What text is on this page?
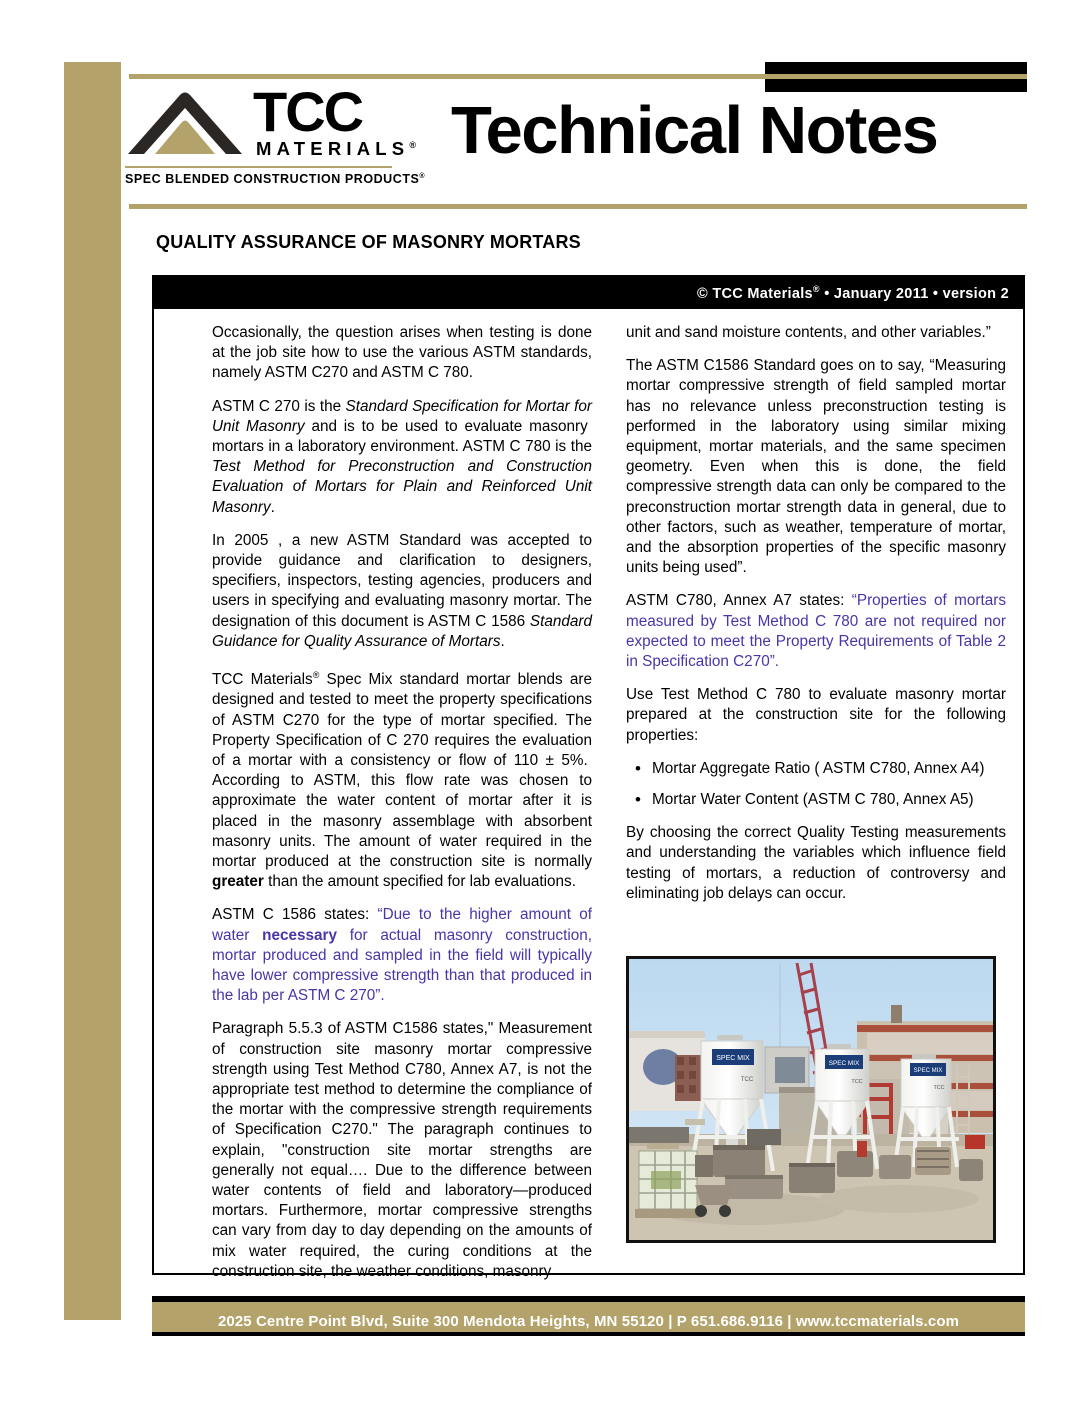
TCC
MATERIALS®
SPEC BLENDED CONSTRUCTION PRODUCTS®
Technical Notes
QUALITY ASSURANCE OF MASONRY MORTARS
© TCC Materials® • January 2011 • version 2

Occasionally, the question arises when testing is done at the job site how to use the various ASTM standards, namely ASTM C270 and ASTM C 780.

ASTM C 270 is the Standard Specification for Mortar for Unit Masonry and is to be used to evaluate masonry  mortars in a laboratory environment. ASTM C 780 is the Test Method for Preconstruction and Construction Evaluation of Mortars for Plain and Reinforced Unit Masonry.

In 2005 , a new ASTM Standard was accepted to provide guidance and clarification to designers, specifiers, inspectors, testing agencies, producers and users in specifying and evaluating masonry mortar. The designation of this document is ASTM C 1586 Standard Guidance for Quality Assurance of Mortars.

TCC Materials® Spec Mix standard mortar blends are designed and tested to meet the property specifications of ASTM C270 for the type of mortar specified. The Property Specification of C 270 requires the evaluation of a mortar with a consistency or flow of 110 ± 5%.  According to ASTM, this flow rate was chosen to approximate the water content of mortar after it is placed in the masonry assemblage with absorbent masonry units. The amount of water required in the mortar produced at the construction site is normally greater than the amount specified for lab evaluations.

ASTM C 1586 states: “Due to the higher amount of water necessary for actual masonry construction, mortar produced and sampled in the field will typically have lower compressive strength than that produced in the lab per ASTM C 270”.

Paragraph 5.5.3 of ASTM C1586 states," Measurement of construction site masonry mortar compressive strength using Test Method C780, Annex A7, is not the appropriate test method to determine the compliance of the mortar with the compressive strength requirements of Specification C270." The paragraph continues to explain, "construction site mortar strengths are generally not equal…. Due to the difference between water contents of field and laboratory—produced mortars. Furthermore, mortar compressive strengths can vary from day to day depending on the amounts of mix water required, the curing conditions at the construction site, the weather conditions, masonry

unit and sand moisture contents, and other variables.”

The ASTM C1586 Standard goes on to say, “Measuring mortar compressive strength of field sampled mortar has no relevance unless preconstruction testing is performed in the laboratory using similar mixing equipment, mortar materials, and the same specimen geometry. Even when this is done, the field compressive strength data can only be compared to the preconstruction mortar strength data in general, due to other factors, such as weather, temperature of mortar, and the absorption properties of the specific masonry units being used”.

ASTM C780, Annex A7 states: “Properties of mortars measured by Test Method C 780 are not required nor expected to meet the Property Requirements of Table 2 in Specification C270”.

Use Test Method C 780 to evaluate masonry mortar prepared at the construction site for the following properties:

• Mortar Aggregate Ratio ( ASTM C780, Annex A4)
• Mortar Water Content (ASTM C 780, Annex A5)

By choosing the correct Quality Testing measurements and understanding the variables which influence field testing of mortars, a reduction of controversy and eliminating job delays can occur.

SPEC MIX
TCC
SPEC MIX
TCC
SPEC MIX
TCC
2025 Centre Point Blvd, Suite 300 Mendota Heights, MN 55120 | P 651.686.9116 | www.tccmaterials.com
